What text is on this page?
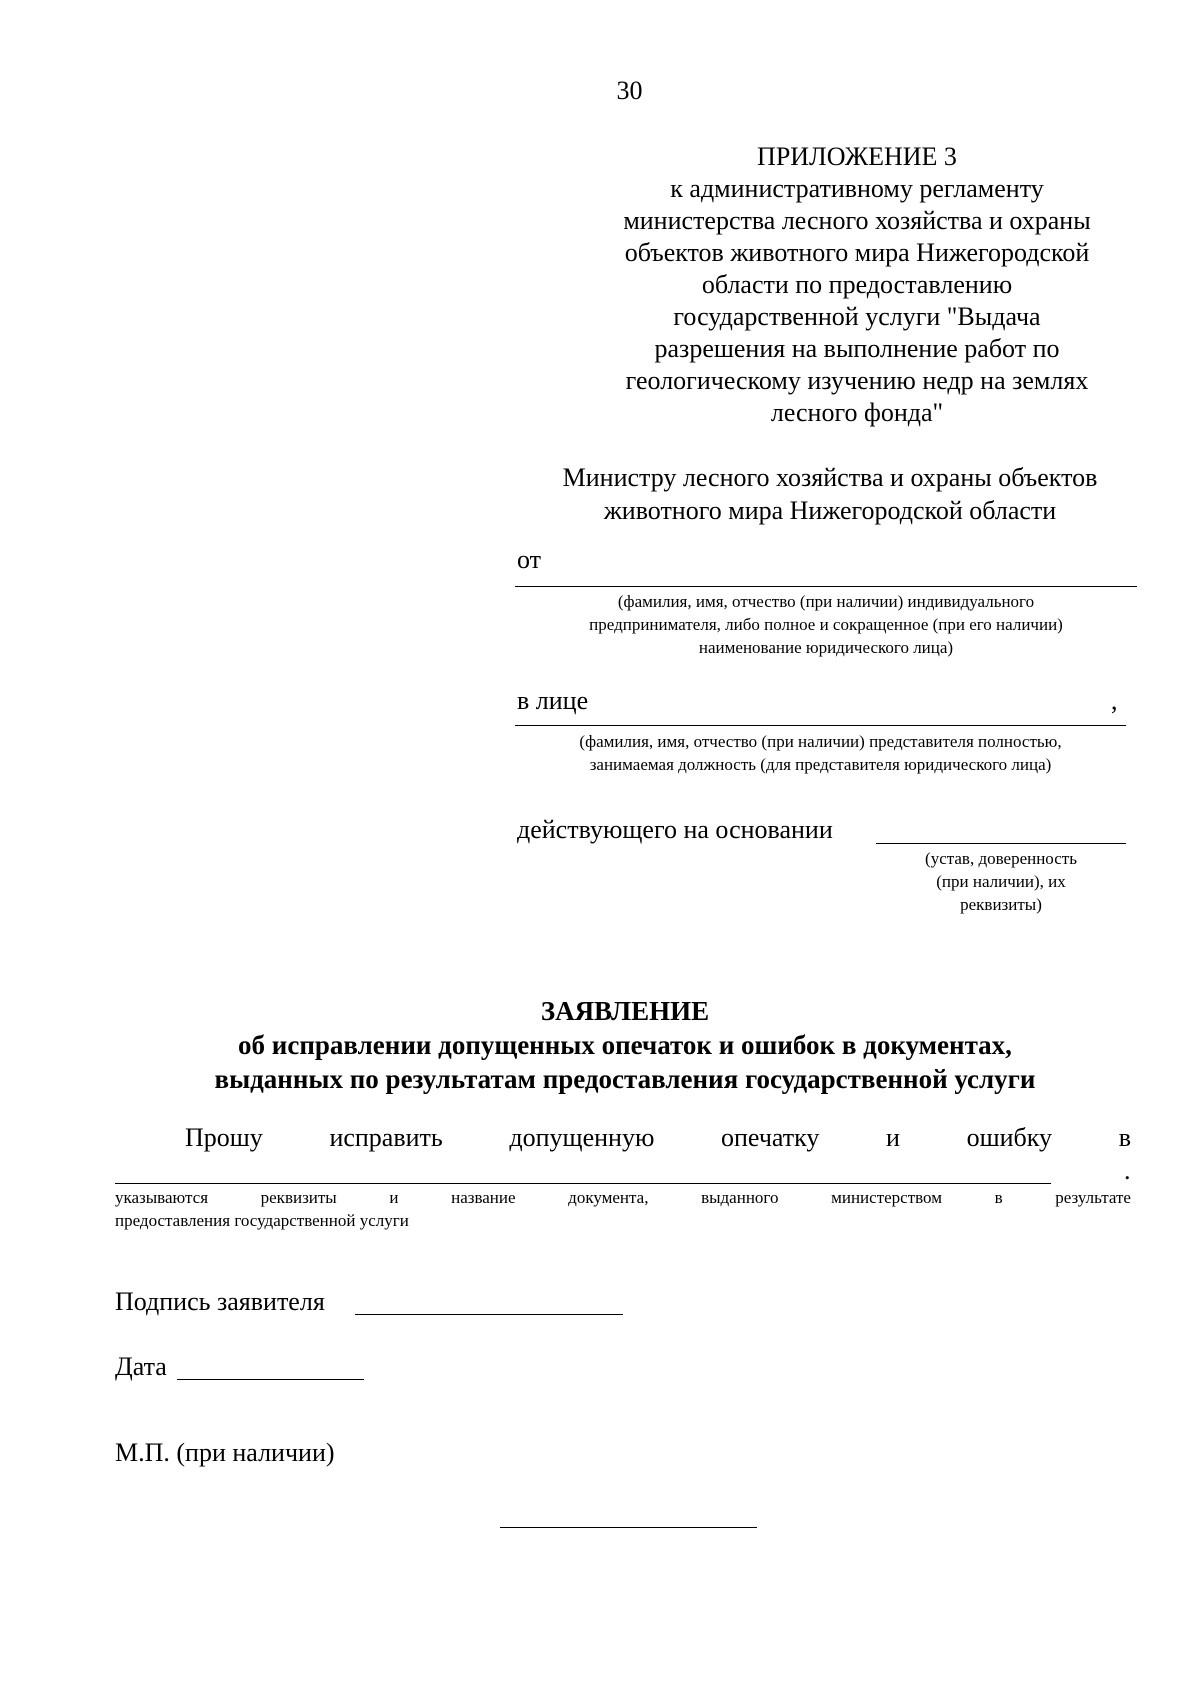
30
ПРИЛОЖЕНИЕ 3
к административному регламенту
министерства лесного хозяйства и охраны
объектов животного мира Нижегородской
области по предоставлению
государственной услуги "Выдача
разрешения на выполнение работ по
геологическому изучению недр на землях
лесного фонда"
Министру лесного хозяйства и охраны объектов
животного мира Нижегородской области
от
(фамилия, имя, отчество (при наличии) индивидуального
предпринимателя, либо полное и сокращенное (при его наличии)
наименование юридического лица)
в лице	,
(фамилия, имя, отчество (при наличии) представителя полностью,
занимаемая должность (для представителя юридического лица)
действующего на основании
(устав, доверенность
(при наличии), их
реквизиты)
ЗАЯВЛЕНИЕ
об исправлении допущенных опечаток и ошибок в документах,
выданных по результатам предоставления государственной услуги
Прошу	исправить	допущенную	опечатку	и	ошибку	в
.
указываются	реквизиты	и	название	документа,	выданного	министерством	в	результате
предоставления государственной услуги
Подпись заявителя
Дата
М.П. (при наличии)
